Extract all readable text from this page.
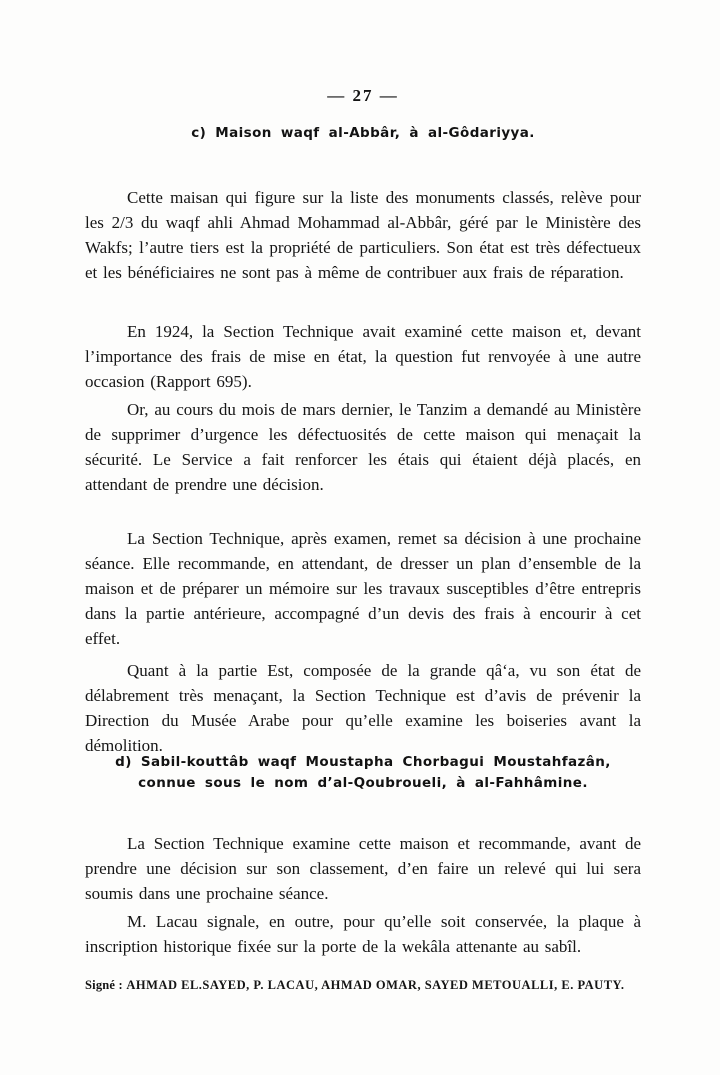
— 27 —
c) Maison waqf al-Abbâr, à al-Gôdariyya.

Cette maisan qui figure sur la liste des monuments classés, relève pour les 2/3 du waqf ahli Ahmad Mohammad al-Abbâr, géré par le Ministère des Wakfs; l’autre tiers est la propriété de particuliers. Son état est très défectueux et les bénéficiaires ne sont pas à même de contribuer aux frais de réparation.

En 1924, la Section Technique avait examiné cette maison et, devant l’importance des frais de mise en état, la question fut renvoyée à une autre occasion (Rapport 695).

Or, au cours du mois de mars dernier, le Tanzim a demandé au Ministère de supprimer d’urgence les défectuosités de cette maison qui menaçait la sécurité. Le Service a fait renforcer les étais qui étaient déjà placés, en attendant de prendre une décision.

La Section Technique, après examen, remet sa décision à une prochaine séance. Elle recommande, en attendant, de dresser un plan d’ensemble de la maison et de préparer un mémoire sur les travaux susceptibles d’être entrepris dans la partie antérieure, accompagné d’un devis des frais à encourir à cet effet.

Quant à la partie Est, composée de la grande qâ‘a, vu son état de délabrement très menaçant, la Section Technique est d’avis de prévenir la Direction du Musée Arabe pour qu’elle examine les boiseries avant la démolition.

d) Sabil-kouttâb waqf Moustapha Chorbagui Moustahfazân,
connue sous le nom d’al-Qoubroueli, à al-Fahhâmine.

La Section Technique examine cette maison et recommande, avant de prendre une décision sur son classement, d’en faire un relevé qui lui sera soumis dans une prochaine séance.

M. Lacau signale, en outre, pour qu’elle soit conservée, la plaque à inscription historique fixée sur la porte de la wekâla attenante au sabîl.

Signé : AHMAD EL.SAYED, P. LACAU, AHMAD OMAR, SAYED METOUALLI, E. PAUTY.
